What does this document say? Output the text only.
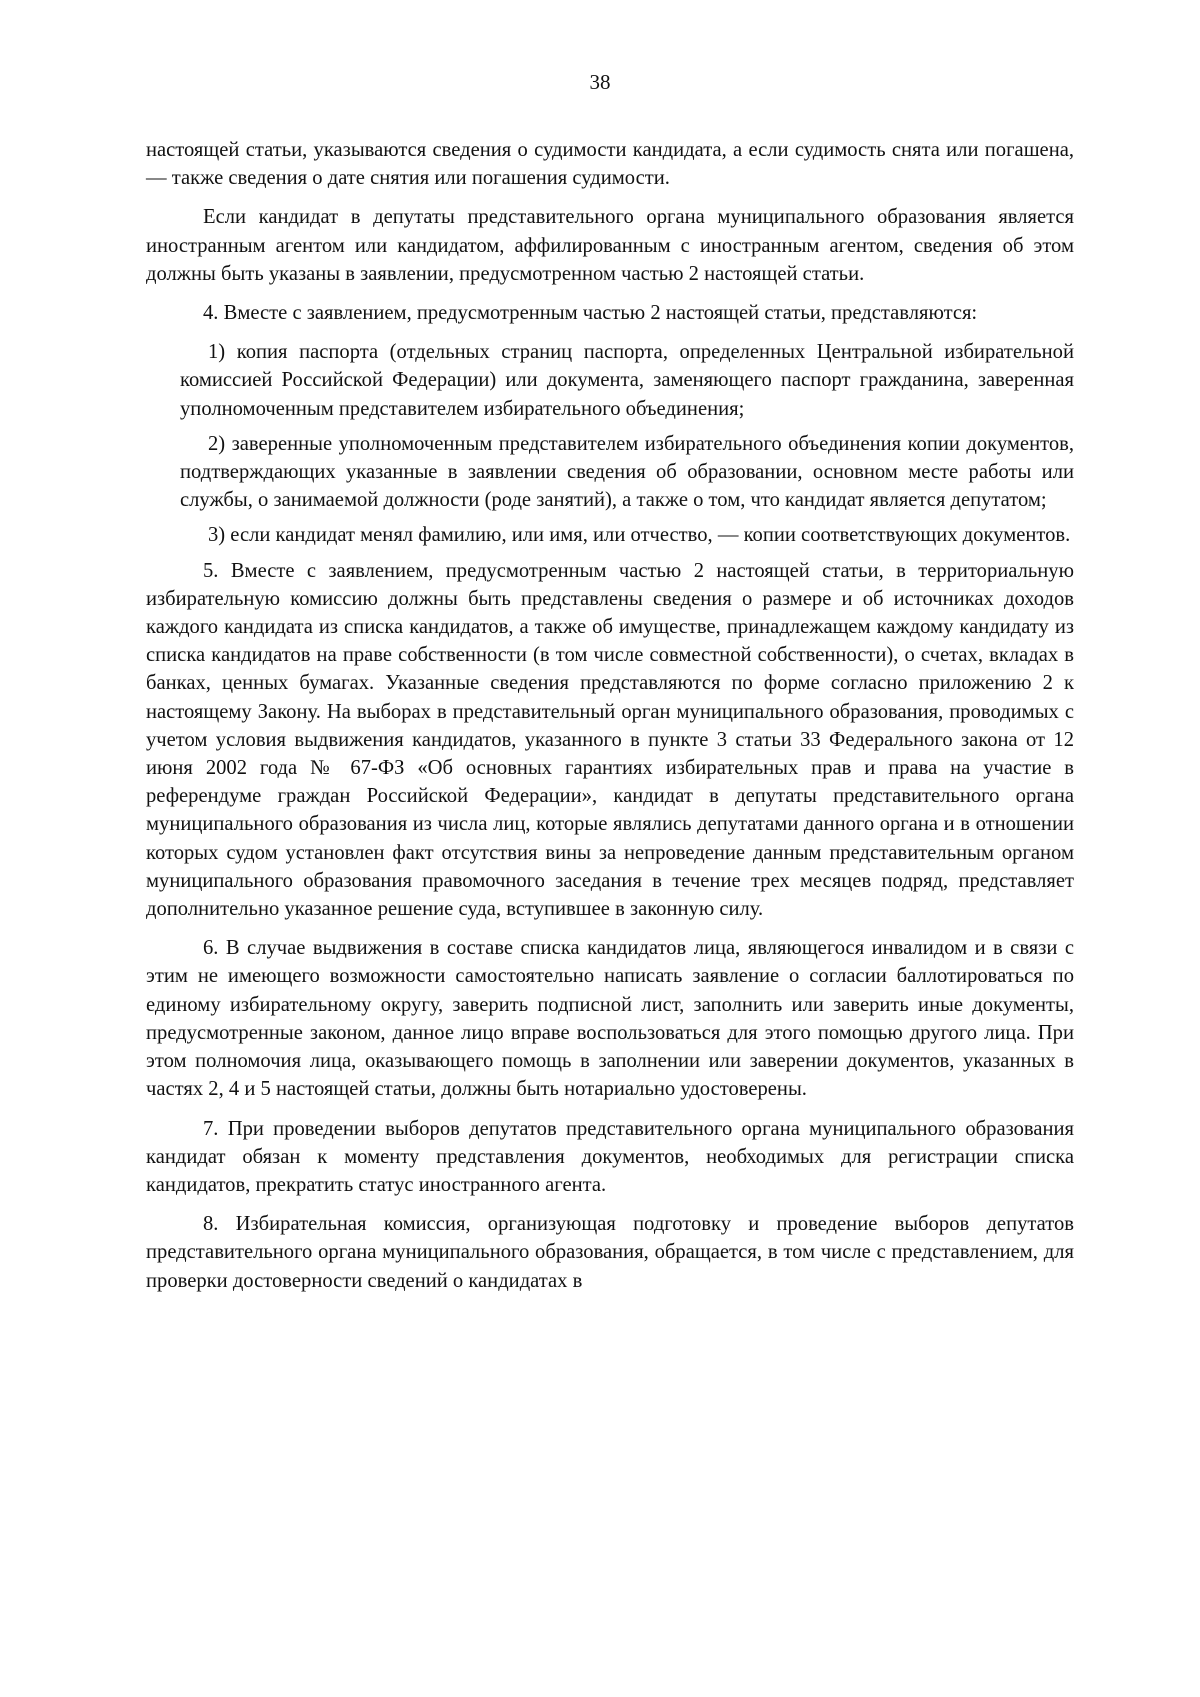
38

настоящей статьи, указываются сведения о судимости кандидата, а если судимость снята или погашена, — также сведения о дате снятия или погашения судимости.

Если кандидат в депутаты представительного органа муниципального образования является иностранным агентом или кандидатом, аффилированным с иностранным агентом, сведения об этом должны быть указаны в заявлении, предусмотренном частью 2 настоящей статьи.

4. Вместе с заявлением, предусмотренным частью 2 настоящей статьи, представляются:

1) копия паспорта (отдельных страниц паспорта, определенных Центральной избирательной комиссией Российской Федерации) или документа, заменяющего паспорт гражданина, заверенная уполномоченным представителем избирательного объединения;

2) заверенные уполномоченным представителем избирательного объединения копии документов, подтверждающих указанные в заявлении сведения об образовании, основном месте работы или службы, о занимаемой должности (роде занятий), а также о том, что кандидат является депутатом;

3) если кандидат менял фамилию, или имя, или отчество, — копии соответствующих документов.

5. Вместе с заявлением, предусмотренным частью 2 настоящей статьи, в территориальную избирательную комиссию должны быть представлены сведения о размере и об источниках доходов каждого кандидата из списка кандидатов, а также об имуществе, принадлежащем каждому кандидату из списка кандидатов на праве собственности (в том числе совместной собственности), о счетах, вкладах в банках, ценных бумагах. Указанные сведения представляются по форме согласно приложению 2 к настоящему Закону. На выборах в представительный орган муниципального образования, проводимых с учетом условия выдвижения кандидатов, указанного в пункте 3 статьи 33 Федерального закона от 12 июня 2002 года № 67-ФЗ «Об основных гарантиях избирательных прав и права на участие в референдуме граждан Российской Федерации», кандидат в депутаты представительного органа муниципального образования из числа лиц, которые являлись депутатами данного органа и в отношении которых судом установлен факт отсутствия вины за непроведение данным представительным органом муниципального образования правомочного заседания в течение трех месяцев подряд, представляет дополнительно указанное решение суда, вступившее в законную силу.

6. В случае выдвижения в составе списка кандидатов лица, являющегося инвалидом и в связи с этим не имеющего возможности самостоятельно написать заявление о согласии баллотироваться по единому избирательному округу, заверить подписной лист, заполнить или заверить иные документы, предусмотренные законом, данное лицо вправе воспользоваться для этого помощью другого лица. При этом полномочия лица, оказывающего помощь в заполнении или заверении документов, указанных в частях 2, 4 и 5 настоящей статьи, должны быть нотариально удостоверены.

7. При проведении выборов депутатов представительного органа муниципального образования кандидат обязан к моменту представления документов, необходимых для регистрации списка кандидатов, прекратить статус иностранного агента.

8. Избирательная комиссия, организующая подготовку и проведение выборов депутатов представительного органа муниципального образования, обращается, в том числе с представлением, для проверки достоверности сведений о кандидатах в
